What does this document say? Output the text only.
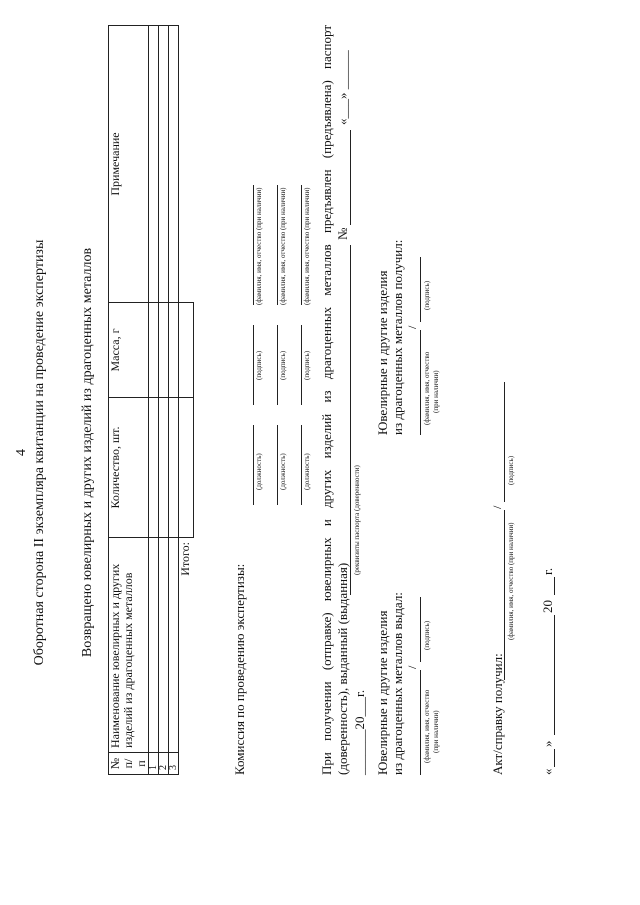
4 Оборотная сторона II экземпляра квитанции на проведение экспертизы Возвращено ювелирных и других изделий из драгоценных металлов
№ п/п	Наименование ювелирных и других изделий из драгоценных металлов	Количество, шт.	Масса, г	Примечание
1				
2				
3				
	Итого:			
Комиссия по проведению экспертизы:
(должность)
(подпись)
(фамилия, имя, отчество (при наличии)
(должность)
(подпись)
(фамилия, имя, отчество (при наличии)
(должность)
(подпись)
(фамилия, имя, отчество (при наличии) При получении (отправке) ювелирных и других изделий из драгоценных металлов предъявлен (предъявлена) паспорт (доверенность), выданный (выданная)
№
«___» ______
(реквизиты паспорта (доверенности)
_______20___г. Ювелирные и другие изделия из драгоценных металлов выдал: /
(фамилия, имя, отчество (при наличии)
(подпись)
Ювелирные и другие изделия из драгоценных металлов получил: /
(фамилия, имя, отчество (при наличии)
(подпись)
Акт/справку получил:
/
(фамилия, имя, отчество (при наличии)
(подпись)
«
»
20
г.
